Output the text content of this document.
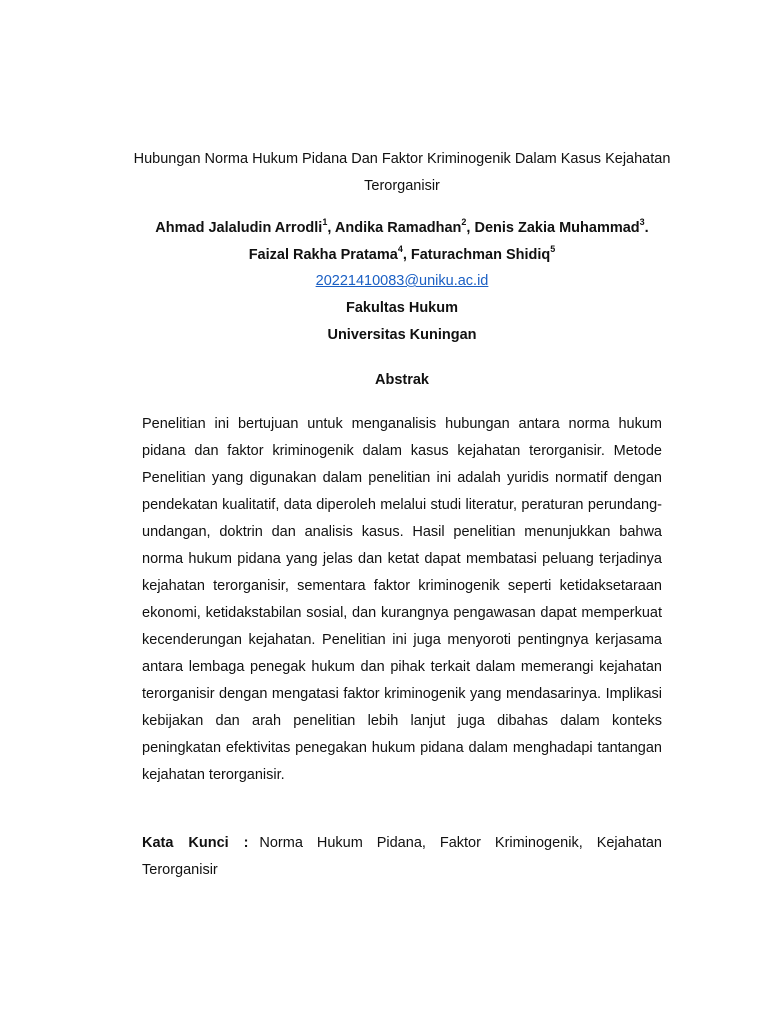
Hubungan Norma Hukum Pidana Dan Faktor Kriminogenik Dalam Kasus Kejahatan Terorganisir
Ahmad Jalaludin Arrodli$^1$, Andika Ramadhan$^2$, Denis Zakia Muhammad$^3$.
Faizal Rakha Pratama$^4$, Faturachman Shidiq$^5$
20221410083@uniku.ac.id
Fakultas Hukum
Universitas Kuningan
Abstrak

Penelitian ini bertujuan untuk menganalisis hubungan antara norma hukum pidana dan faktor kriminogenik dalam kasus kejahatan terorganisir. Metode Penelitian yang digunakan dalam penelitian ini adalah yuridis normatif dengan pendekatan kualitatif, data diperoleh melalui studi literatur, peraturan perundang-undangan, doktrin dan analisis kasus. Hasil penelitian menunjukkan bahwa norma hukum pidana yang jelas dan ketat dapat membatasi peluang terjadinya kejahatan terorganisir, sementara faktor kriminogenik seperti ketidaksetaraan ekonomi, ketidakstabilan sosial, dan kurangnya pengawasan dapat memperkuat kecenderungan kejahatan. Penelitian ini juga menyoroti pentingnya kerjasama antara lembaga penegak hukum dan pihak terkait dalam memerangi kejahatan terorganisir dengan mengatasi faktor kriminogenik yang mendasarinya. Implikasi kebijakan dan arah penelitian lebih lanjut juga dibahas dalam konteks peningkatan efektivitas penegakan hukum pidana dalam menghadapi tantangan kejahatan terorganisir.

Kata Kunci : Norma Hukum Pidana, Faktor Kriminogenik, Kejahatan Terorganisir
